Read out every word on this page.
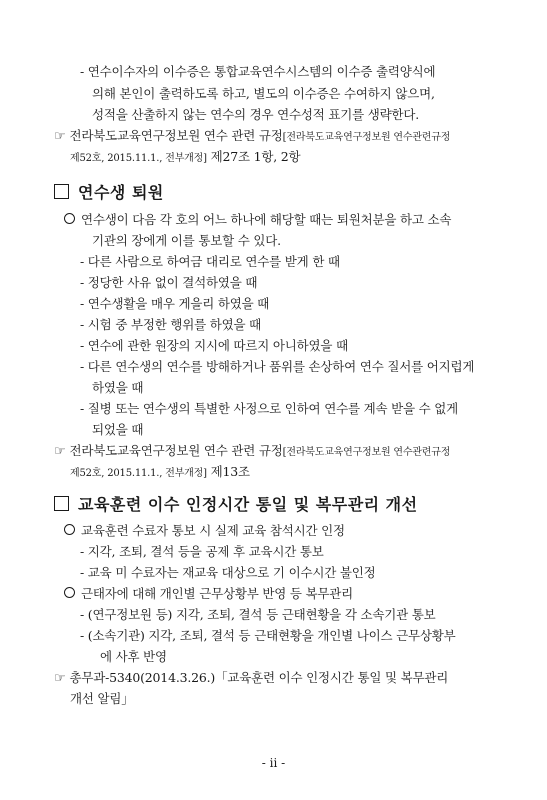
- 연수이수자의 이수증은 통합교육연수시스템의 이수증 출력양식에
의해 본인이 출력하도록 하고, 별도의 이수증은 수여하지 않으며,
성적을 산출하지 않는 연수의 경우 연수성적 표기를 생략한다.
☞ 전라북도교육연구정보원 연수 관련 규정[전라북도교육연구정보원 연수관련규정
제52호, 2015.11.1., 전부개정] 제27조 1항, 2항
연수생 퇴원
연수생이 다음 각 호의 어느 하나에 해당할 때는 퇴원처분을 하고 소속
기관의 장에게 이를 통보할 수 있다.
- 다른 사람으로 하여금 대리로 연수를 받게 한 때
- 정당한 사유 없이 결석하였을 때
- 연수생활을 매우 게을리 하였을 때
- 시험 중 부정한 행위를 하였을 때
- 연수에 관한 원장의 지시에 따르지 아니하였을 때
- 다른 연수생의 연수를 방해하거나 품위를 손상하여 연수 질서를 어지럽게
하였을 때
- 질병 또는 연수생의 특별한 사정으로 인하여 연수를 계속 받을 수 없게
되었을 때
☞ 전라북도교육연구정보원 연수 관련 규정[전라북도교육연구정보원 연수관련규정
제52호, 2015.11.1., 전부개정] 제13조
교육훈련 이수 인정시간 통일 및 복무관리 개선
교육훈련 수료자 통보 시 실제 교육 참석시간 인정
- 지각, 조퇴, 결석 등을 공제 후 교육시간 통보
- 교육 미 수료자는 재교육 대상으로 기 이수시간 불인정
근태자에 대해 개인별 근무상황부 반영 등 복무관리
- (연구정보원 등) 지각, 조퇴, 결석 등 근태현황을 각 소속기관 통보
- (소속기관) 지각, 조퇴, 결석 등 근태현황을 개인별 나이스 근무상황부
에 사후 반영
☞ 총무과-5340(2014.3.26.)「교육훈련 이수 인정시간 통일 및 복무관리
개선 알림」
- ii -
